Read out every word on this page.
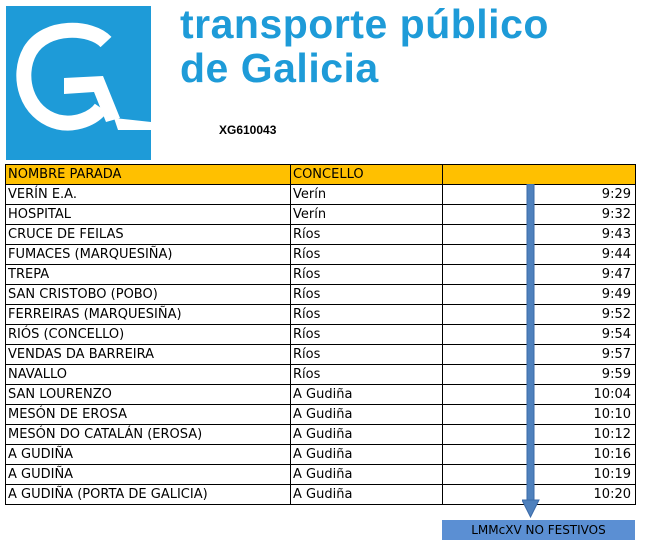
transporte público
de Galicia
XG610043
NOMBRE PARADA	CONCELLO	
VERÍN E.A.	Verín	9:29
HOSPITAL	Verín	9:32
CRUCE DE FEILAS	Ríos	9:43
FUMACES (MARQUESIÑA)	Ríos	9:44
TREPA	Ríos	9:47
SAN CRISTOBO (POBO)	Ríos	9:49
FERREIRAS (MARQUESIÑA)	Ríos	9:52
RIÓS (CONCELLO)	Ríos	9:54
VENDAS DA BARREIRA	Ríos	9:57
NAVALLO	Ríos	9:59
SAN LOURENZO	A Gudiña	10:04
MESÓN DE EROSA	A Gudiña	10:10
MESÓN DO CATALÁN (EROSA)	A Gudiña	10:12
A GUDIÑA	A Gudiña	10:16
A GUDIÑA	A Gudiña	10:19
A GUDIÑA (PORTA DE GALICIA)	A Gudiña	10:20
LMMcXV NO FESTIVOS
